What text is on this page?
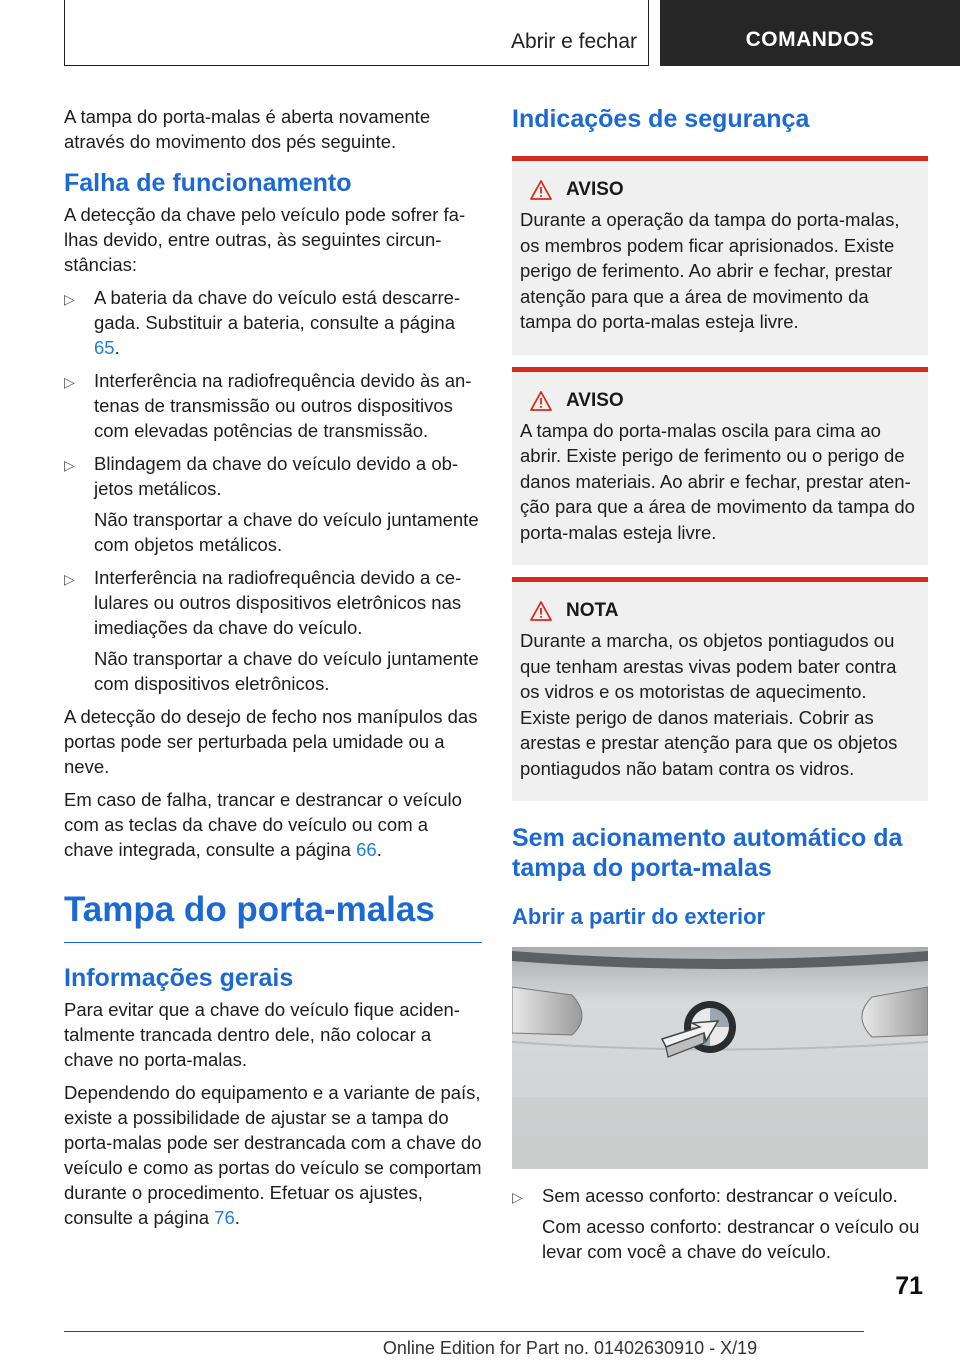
Abrir e fechar	COMANDOS

A tampa do porta-malas é aberta novamente através do movimento dos pés seguinte.

Falha de funcionamento

A detecção da chave pelo veículo pode sofrer falhas devido, entre outras, às seguintes circunstâncias:

▷ A bateria da chave do veículo está descarregada. Substituir a bateria, consulte a página 65.

▷ Interferência na radiofrequência devido às antenas de transmissão ou outros dispositivos com elevadas potências de transmissão.

▷ Blindagem da chave do veículo devido a objetos metálicos.

Não transportar a chave do veículo juntamente com objetos metálicos.

▷ Interferência na radiofrequência devido a celulares ou outros dispositivos eletrônicos nas imediações da chave do veículo.

Não transportar a chave do veículo juntamente com dispositivos eletrônicos.

A detecção do desejo de fecho nos manípulos das portas pode ser perturbada pela umidade ou a neve.

Em caso de falha, trancar e destrancar o veículo com as teclas da chave do veículo ou com a chave integrada, consulte a página 66.

Tampa do porta-malas
Informações gerais

Para evitar que a chave do veículo fique acidentalmente trancada dentro dele, não colocar a chave no porta-malas.

Dependendo do equipamento e a variante de país, existe a possibilidade de ajustar se a tampa do porta-malas pode ser destrancada com a chave do veículo e como as portas do veículo se comportam durante o procedimento. Efetuar os ajustes, consulte a página 76.

Indicações de segurança
AVISO

Durante a operação da tampa do porta-malas, os membros podem ficar aprisionados. Existe perigo de ferimento. Ao abrir e fechar, prestar atenção para que a área de movimento da tampa do porta-malas esteja livre.

AVISO

A tampa do porta-malas oscila para cima ao abrir. Existe perigo de ferimento ou o perigo de danos materiais. Ao abrir e fechar, prestar atenção para que a área de movimento da tampa do porta-malas esteja livre.

NOTA

Durante a marcha, os objetos pontiagudos ou que tenham arestas vivas podem bater contra os vidros e os motoristas de aquecimento. Existe perigo de danos materiais. Cobrir as arestas e prestar atenção para que os objetos pontiagudos não batam contra os vidros.

Sem acionamento automático da tampa do porta-malas
Abrir a partir do exterior
▷ Sem acesso conforto: destrancar o veículo.

Com acesso conforto: destrancar o veículo ou levar com você a chave do veículo.

71
Online Edition for Part no. 01402630910 - X/19
